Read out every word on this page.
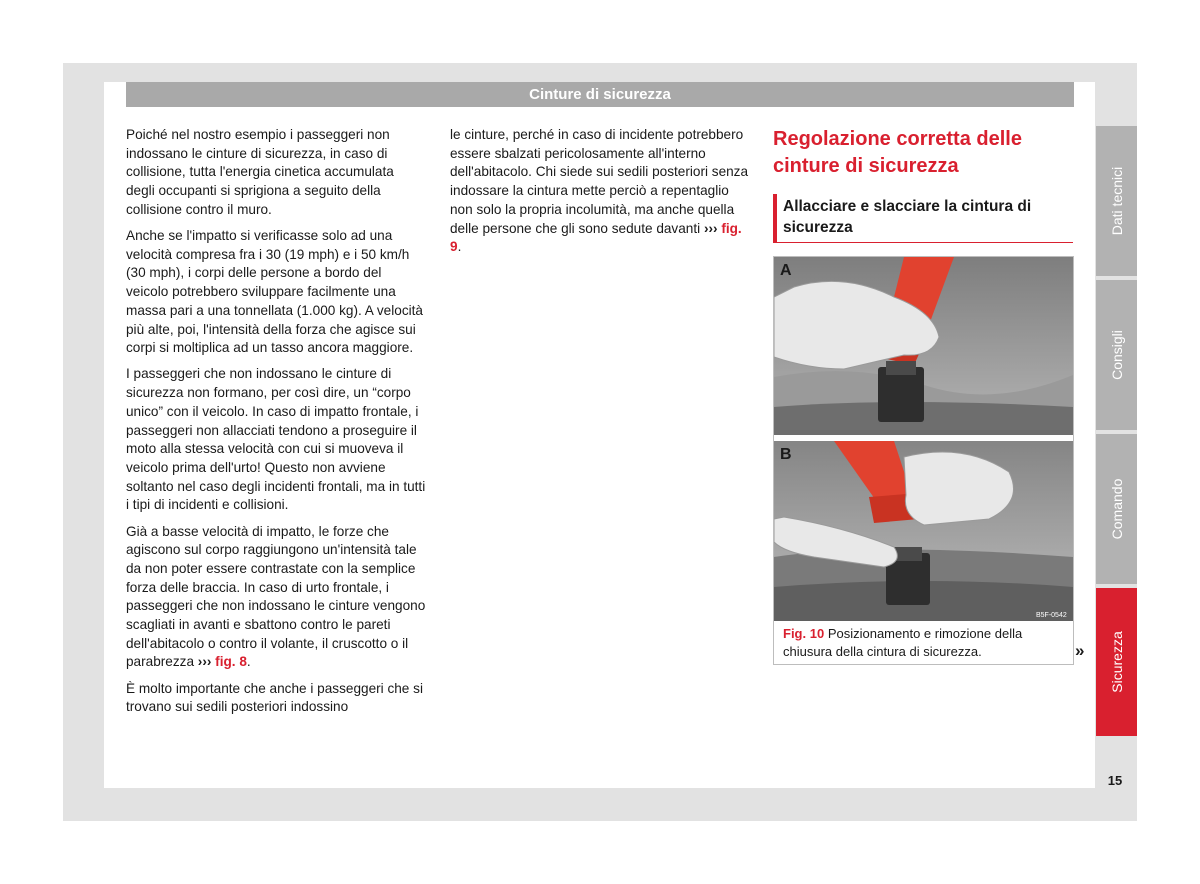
Cinture di sicurezza

Poiché nel nostro esempio i passeggeri non indossano le cinture di sicurezza, in caso di collisione, tutta l'energia cinetica accumulata degli occupanti si sprigiona a seguito della collisione contro il muro.

Anche se l'impatto si verificasse solo ad una velocità compresa fra i 30 (19 mph) e i 50 km/h (30 mph), i corpi delle persone a bordo del veicolo potrebbero sviluppare facilmente una massa pari a una tonnellata (1.000 kg). A velocità più alte, poi, l'intensità della forza che agisce sui corpi si moltiplica ad un tasso ancora maggiore.

I passeggeri che non indossano le cinture di sicurezza non formano, per così dire, un “corpo unico” con il veicolo. In caso di impatto frontale, i passeggeri non allacciati tendono a proseguire il moto alla stessa velocità con cui si muoveva il veicolo prima dell'urto! Questo non avviene soltanto nel caso degli incidenti frontali, ma in tutti i tipi di incidenti e collisioni.

Già a basse velocità di impatto, le forze che agiscono sul corpo raggiungono un'intensità tale da non poter essere contrastate con la semplice forza delle braccia. In caso di urto frontale, i passeggeri che non indossano le cinture vengono scagliati in avanti e sbattono contro le pareti dell'abitacolo o contro il volante, il cruscotto o il parabrezza ››› fig. 8.

È molto importante che anche i passeggeri che si trovano sui sedili posteriori indossino

le cinture, perché in caso di incidente potrebbero essere sbalzati pericolosamente all'interno dell'abitacolo. Chi siede sui sedili posteriori senza indossare la cintura mette perciò a repentaglio non solo la propria incolumità, ma anche quella delle persone che gli sono sedute davanti ››› fig. 9.

Regolazione corretta delle cinture di sicurezza
Allacciare e slacciare la cintura di sicurezza
A
B
B5F-0542
Fig. 10 Posizionamento e rimozione della chiusura della cintura di sicurezza.	»
Dati tecnici
Consigli
Comando
Sicurezza
15
